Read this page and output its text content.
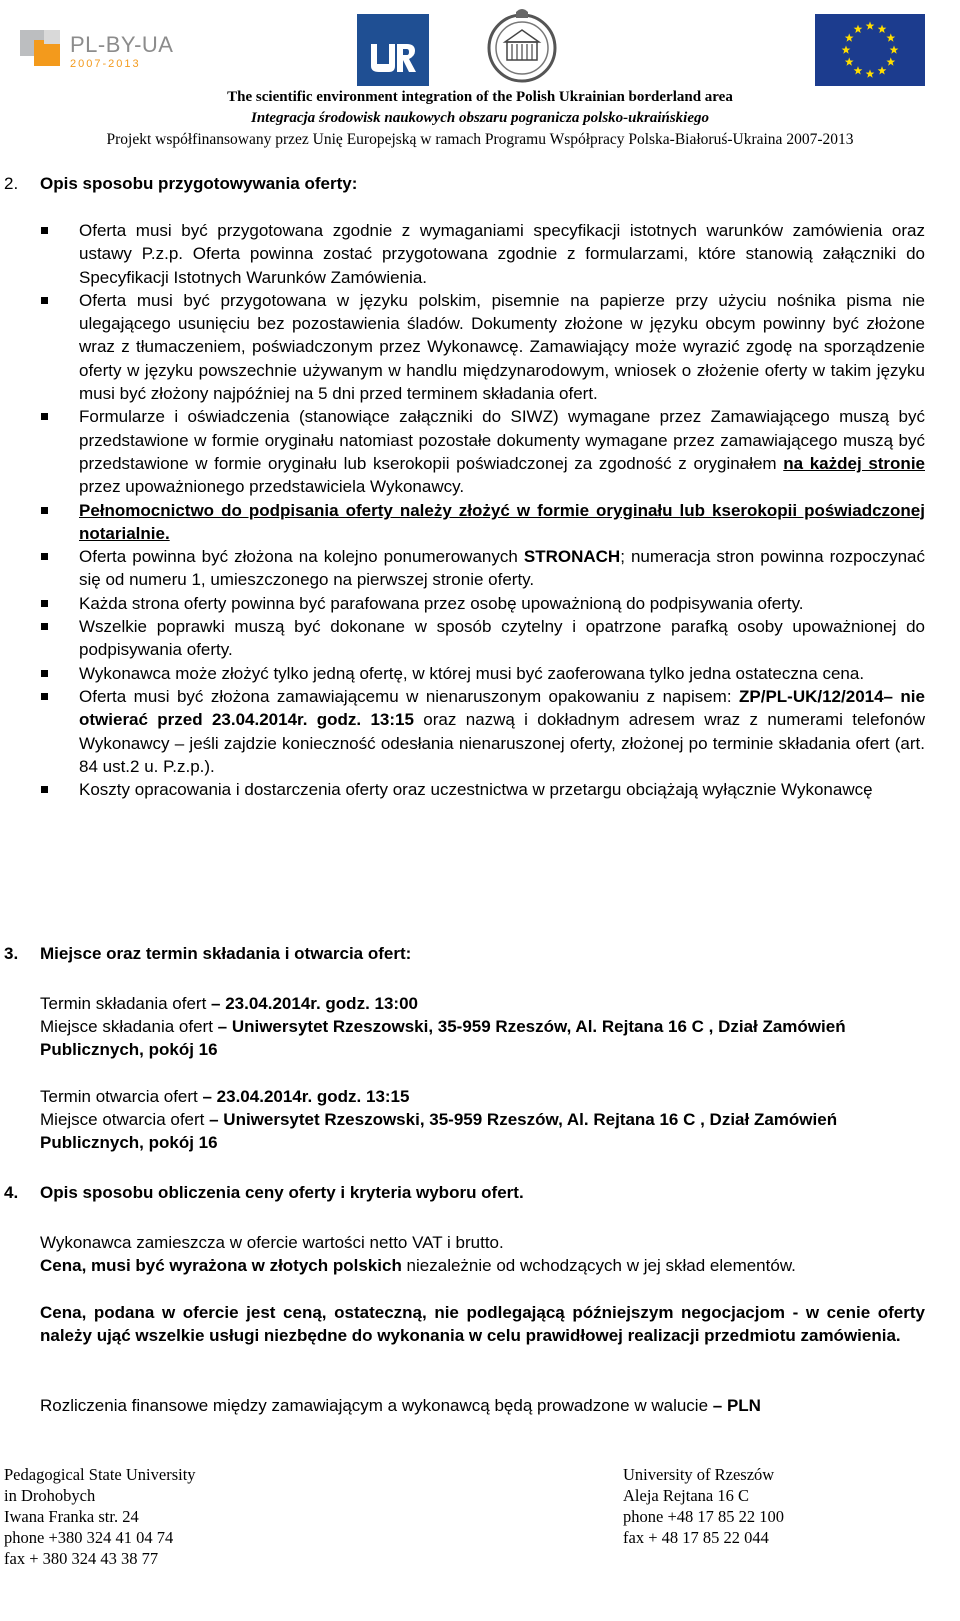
PL-BY-UA
2007-2013
The scientific environment integration of the Polish Ukrainian borderland area
Integracja środowisk naukowych obszaru pogranicza polsko-ukraińskiego
Projekt współfinansowany przez Unię Europejską w ramach Programu Współpracy Polska-Białoruś-Ukraina 2007-2013
2. Opis sposobu przygotowywania oferty:
Oferta musi być przygotowana zgodnie z wymaganiami specyfikacji istotnych warunków zamówienia oraz ustawy P.z.p. Oferta powinna zostać przygotowana zgodnie z formularzami, które stanowią załączniki do Specyfikacji Istotnych Warunków Zamówienia.
Oferta musi być przygotowana w języku polskim, pisemnie na papierze przy użyciu nośnika pisma nie ulegającego usunięciu bez pozostawienia śladów. Dokumenty złożone w języku obcym powinny być złożone wraz z tłumaczeniem, poświadczonym przez Wykonawcę. Zamawiający może wyrazić zgodę na sporządzenie oferty w języku powszechnie używanym w handlu międzynarodowym, wniosek o złożenie oferty w takim języku musi być złożony najpóźniej na 5 dni przed terminem składania ofert.
Formularze i oświadczenia (stanowiące załączniki do SIWZ) wymagane przez Zamawiającego muszą być przedstawione w formie oryginału natomiast pozostałe dokumenty wymagane przez zamawiającego muszą być przedstawione w formie oryginału lub kserokopii poświadczonej za zgodność z oryginałem na każdej stronie przez upoważnionego przedstawiciela Wykonawcy.
Pełnomocnictwo do podpisania oferty należy złożyć w formie oryginału lub kserokopii poświadczonej notarialnie.
Oferta powinna być złożona na kolejno ponumerowanych STRONACH; numeracja stron powinna rozpoczynać się od numeru 1, umieszczonego na pierwszej stronie oferty.
Każda strona oferty powinna być parafowana przez osobę upoważnioną do podpisywania oferty.
Wszelkie poprawki muszą być dokonane w sposób czytelny i opatrzone parafką osoby upoważnionej do podpisywania oferty.
Wykonawca może złożyć tylko jedną ofertę, w której musi być zaoferowana tylko jedna ostateczna cena.
Oferta musi być złożona zamawiającemu w nienaruszonym opakowaniu z napisem: ZP/PL-UK/12/2014– nie otwierać przed 23.04.2014r. godz. 13:15 oraz nazwą i dokładnym adresem wraz z numerami telefonów Wykonawcy – jeśli zajdzie konieczność odesłania nienaruszonej oferty, złożonej po terminie składania ofert (art. 84 ust.2 u. P.z.p.).
Koszty opracowania i dostarczenia oferty oraz uczestnictwa w przetargu obciążają wyłącznie Wykonawcę
3. Miejsce oraz termin składania i otwarcia ofert:

Termin składania ofert – 23.04.2014r. godz. 13:00

Miejsce składania ofert – Uniwersytet Rzeszowski, 35-959 Rzeszów, Al. Rejtana 16 C , Dział Zamówień Publicznych, pokój 16

Termin otwarcia ofert – 23.04.2014r. godz. 13:15

Miejsce otwarcia ofert – Uniwersytet Rzeszowski, 35-959 Rzeszów, Al. Rejtana 16 C , Dział Zamówień Publicznych, pokój 16

4. Opis sposobu obliczenia ceny oferty i kryteria wyboru ofert.

Wykonawca zamieszcza w ofercie wartości netto VAT i brutto.

Cena, musi być wyrażona w złotych polskich niezależnie od wchodzących w jej skład elementów.

Cena, podana w ofercie jest ceną, ostateczną, nie podlegającą późniejszym negocjacjom - w cenie oferty należy ująć wszelkie usługi niezbędne do wykonania w celu prawidłowej realizacji przedmiotu zamówienia.

Rozliczenia finansowe między zamawiającym a wykonawcą będą prowadzone w walucie – PLN

Pedagogical State University
in Drohobych
Iwana Franka str. 24
phone +380 324 41 04 74
fax + 380 324 43 38 77
University of Rzeszów
Aleja Rejtana 16 C
phone +48 17 85 22 100
fax + 48 17 85 22 044
